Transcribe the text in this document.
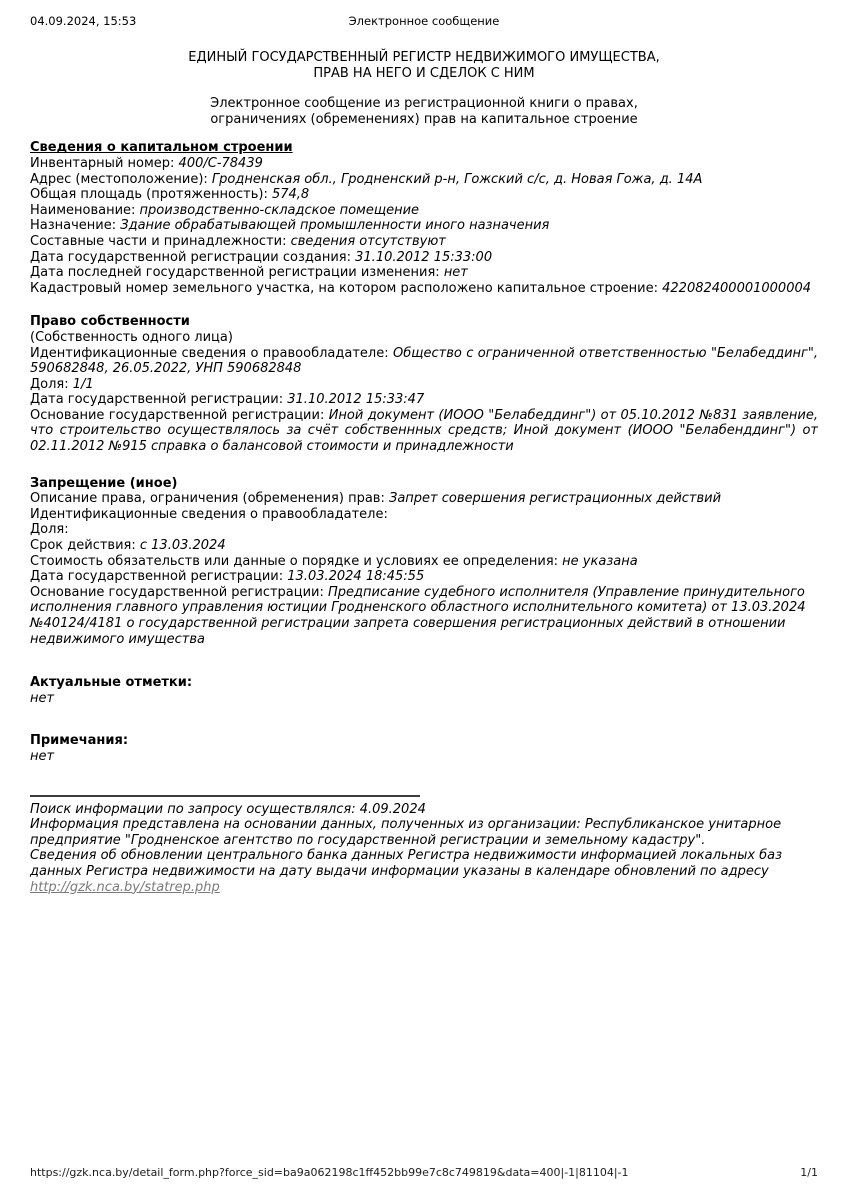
04.09.2024, 15:53	Электронное сообщение
ЕДИНЫЙ ГОСУДАРСТВЕННЫЙ РЕГИСТР НЕДВИЖИМОГО ИМУЩЕСТВА,
ПРАВ НА НЕГО И СДЕЛОК С НИМ
Электронное сообщение из регистрационной книги о правах,
ограничениях (обременениях) прав на капитальное строение
Сведения о капитальном строении
Инвентарный номер: 400/С-78439
Адрес (местоположение): Гродненская обл., Гродненский р-н, Гожский с/с, д. Новая Гожа, д. 14А
Общая площадь (протяженность): 574,8
Наименование: производственно-складское помещение
Назначение: Здание обрабатывающей промышленности иного назначения
Составные части и принадлежности: сведения отсутствуют
Дата государственной регистрации создания: 31.10.2012 15:33:00
Дата последней государственной регистрации изменения: нет
Кадастровый номер земельного участка, на котором расположено капитальное строение: 422082400001000004
Право собственности
(Собственность одного лица)
Идентификационные сведения о правообладателе: Общество с ограниченной ответственностью "Белабеддинг", 590682848, 26.05.2022, УНП 590682848
Доля: 1/1
Дата государственной регистрации: 31.10.2012 15:33:47
Основание государственной регистрации: Иной документ (ИООО "Белабеддинг") от 05.10.2012 №831 заявление, что строительство осуществлялось за счёт собственнных средств; Иной документ (ИООО "Белабенддинг") от 02.11.2012 №915 справка о балансовой стоимости и принадлежности
Запрещение (иное)
Описание права, ограничения (обременения) прав: Запрет совершения регистрационных действий
Идентификационные сведения о правообладателе:
Доля:
Срок действия: с 13.03.2024
Стоимость обязательств или данные о порядке и условиях ее определения: не указана
Дата государственной регистрации: 13.03.2024 18:45:55
Основание государственной регистрации: Предписание судебного исполнителя (Управление принудительного исполнения главного управления юстиции Гродненского областного исполнительного комитета) от 13.03.2024 №40124/4181 о государственной регистрации запрета совершения регистрационных действий в отношении недвижимого имущества
Актуальные отметки:
нет
Примечания:
нет
Поиск информации по запросу осуществлялся: 4.09.2024
Информация представлена на основании данных, полученных из организации: Республиканское унитарное предприятие "Гродненское агентство по государственной регистрации и земельному кадастру".
Сведения об обновлении центрального банка данных Регистра недвижимости информацией локальных баз данных Регистра недвижимости на дату выдачи информации указаны в календаре обновлений по адресу
http://gzk.nca.by/statrep.php
https://gzk.nca.by/detail_form.php?force_sid=ba9a062198c1ff452bb99e7c8c749819&data=400|-1|81104|-1	1/1
